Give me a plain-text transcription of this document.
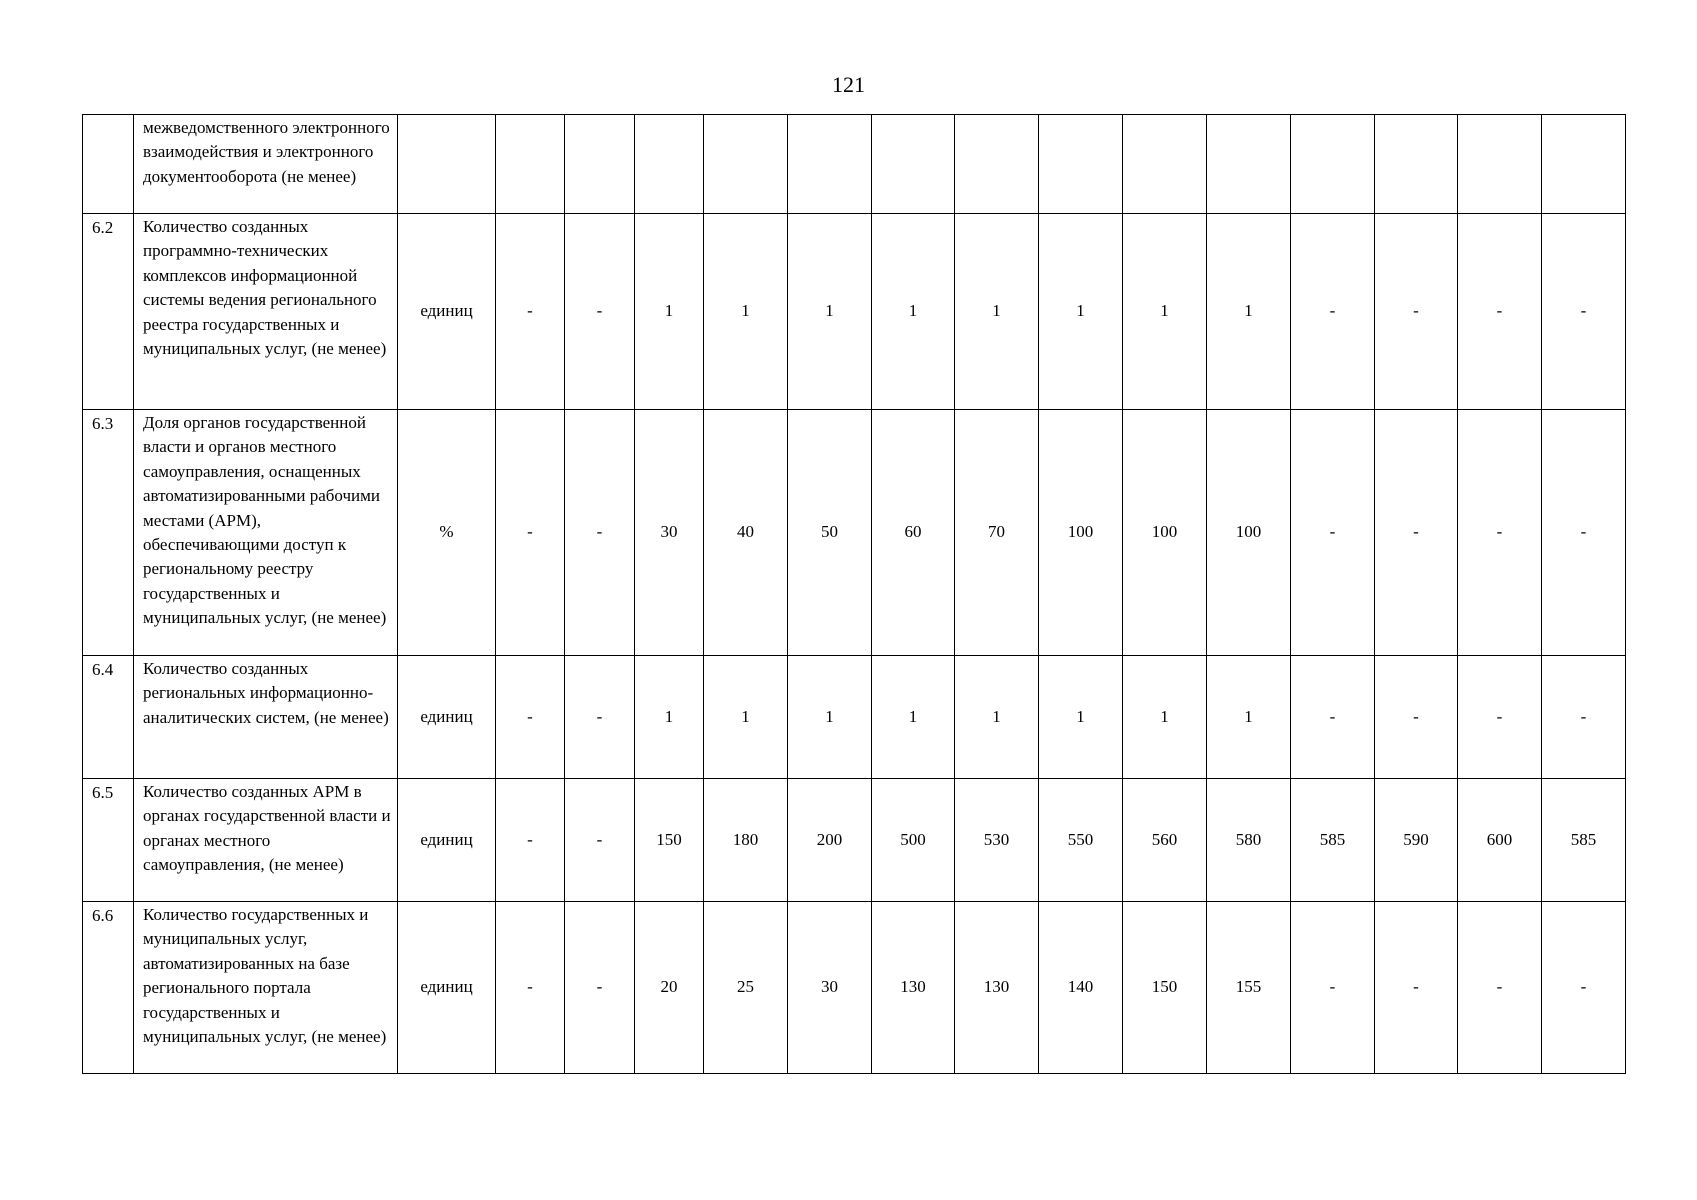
121
	межведомственного электронного взаимодействия и электронного документооборота (не менее)															
6.2	Количество созданных программно-технических комплексов информационной системы ведения регионального реестра государственных и муниципальных услуг, (не менее)	единиц	-	-	1	1	1	1	1	1	1	1	-	-	-	-
6.3	Доля органов государственной власти и органов местного самоуправления, оснащенных автоматизированными рабочими местами (АРМ), обеспечивающими доступ к региональному реестру государственных и муниципальных услуг, (не менее)	%	-	-	30	40	50	60	70	100	100	100	-	-	-	-
6.4	Количество созданных региональных информационно-аналитических систем, (не менее)	единиц	-	-	1	1	1	1	1	1	1	1	-	-	-	-
6.5	Количество созданных АРМ в органах государственной власти и органах местного самоуправления, (не менее)	единиц	-	-	150	180	200	500	530	550	560	580	585	590	600	585
6.6	Количество государственных и муниципальных услуг, автоматизированных на базе регионального портала государственных и муниципальных услуг, (не менее)	единиц	-	-	20	25	30	130	130	140	150	155	-	-	-	-
